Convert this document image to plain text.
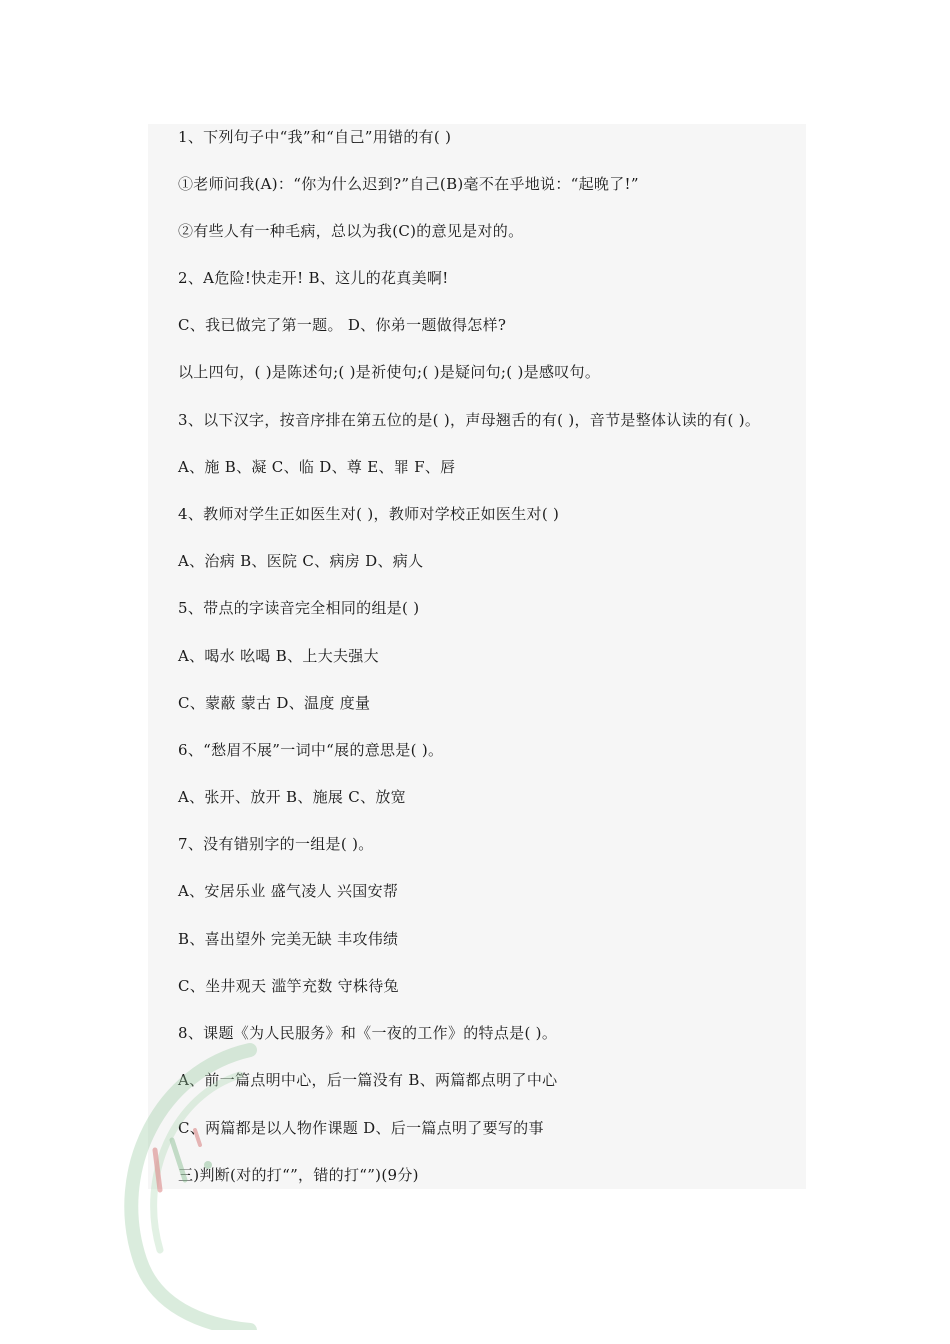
1、下列句子中“我”和“自己”用错的有( )
①老师问我(A)：“你为什么迟到?”自己(B)毫不在乎地说：“起晚了!”
②有些人有一种毛病，总以为我(C)的意见是对的。
2、A危险!快走开! B、这儿的花真美啊!
C、我已做完了第一题。 D、你弟一题做得怎样?
以上四句，( )是陈述句;( )是祈使句;( )是疑问句;( )是感叹句。
3、以下汉字，按音序排在第五位的是( )，声母翘舌的有( )，音节是整体认读的有( )。
A、施 B、凝 C、临 D、尊 E、罪 F、唇
4、教师对学生正如医生对( )，教师对学校正如医生对( )
A、治病 B、医院 C、病房 D、病人
5、带点的字读音完全相同的组是( )
A、喝水 吆喝 B、上大夫强大
C、蒙蔽 蒙古 D、温度 度量
6、“愁眉不展”一词中“展的意思是( )。
A、张开、放开 B、施展 C、放宽
7、没有错别字的一组是( )。
A、安居乐业 盛气凌人 兴国安帮
B、喜出望外 完美无缺 丰攻伟绩
C、坐井观天 滥竽充数 守株待兔
8、课题《为人民服务》和《一夜的工作》的特点是( )。
A、前一篇点明中心，后一篇没有 B、两篇都点明了中心
C、两篇都是以人物作课题 D、后一篇点明了要写的事
三)判断(对的打“”，错的打“”)(9分)
